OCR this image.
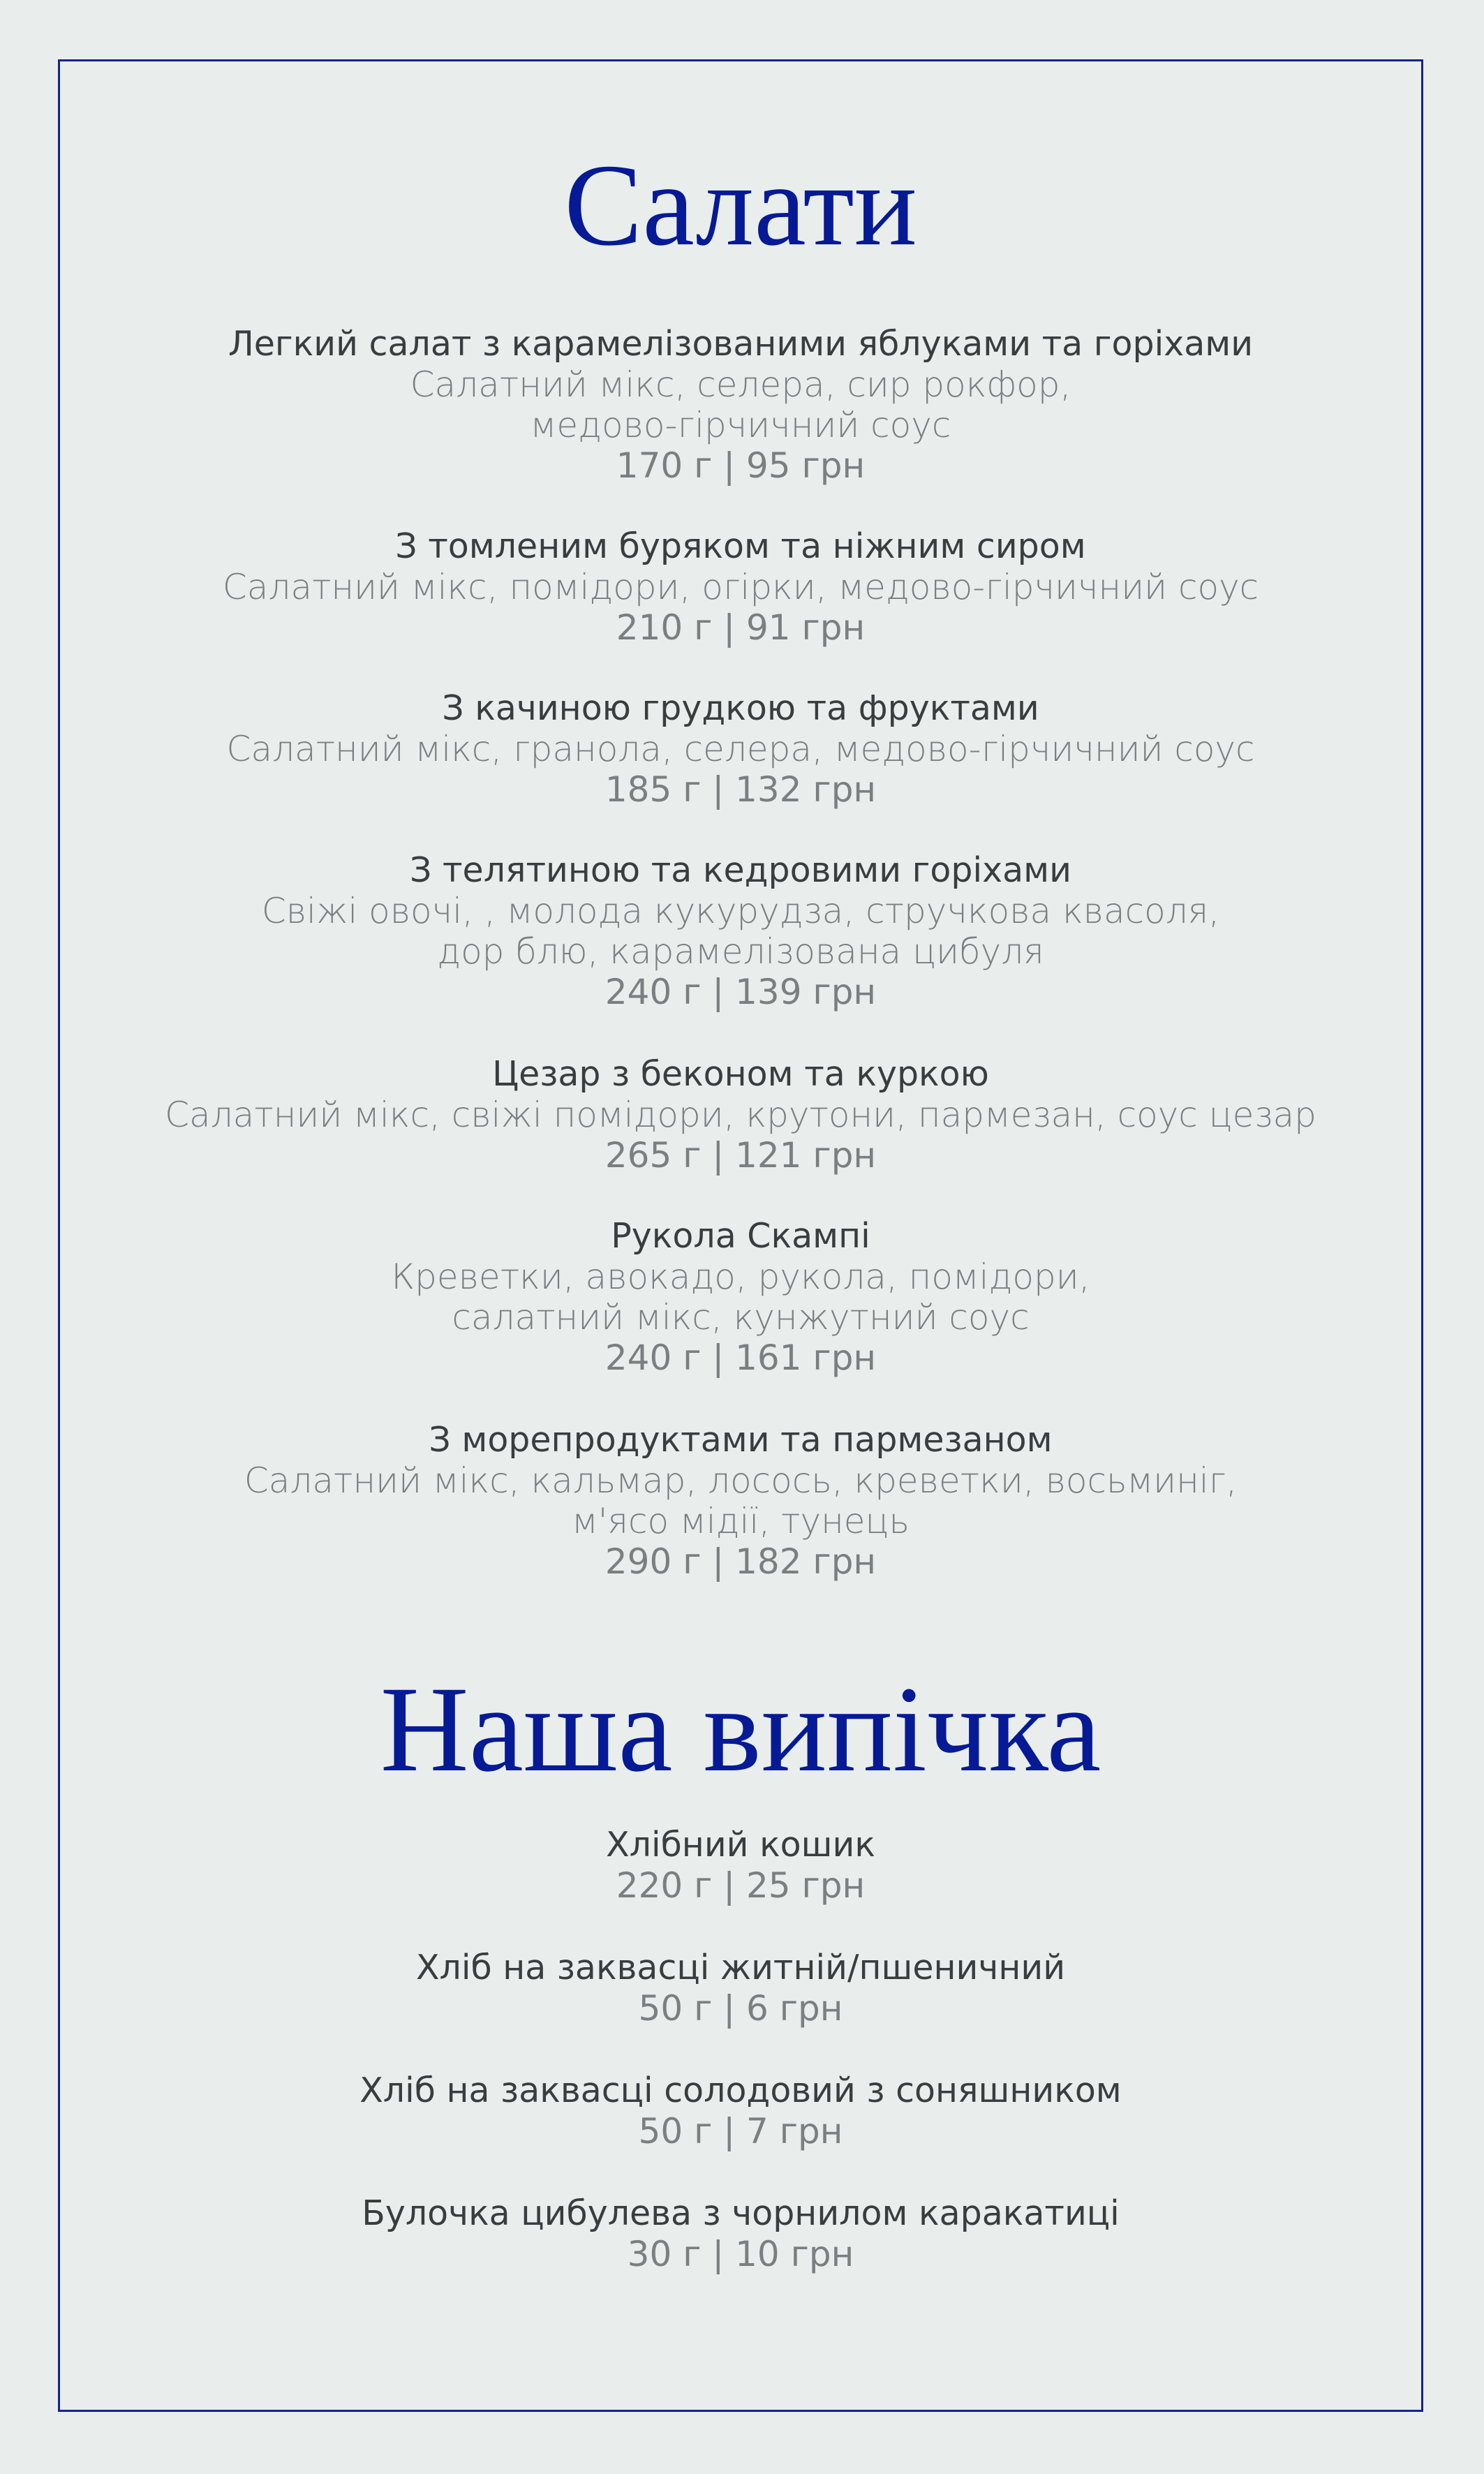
Салати
Легкий салат з карамелізованими яблуками та горіхами
Салатний мікс, селера, сир рокфор,
медово-гірчичний соус
170 г | 95 грн
З томленим буряком та ніжним сиром
Салатний мікс, помідори, огірки, медово-гірчичний соус
210 г | 91 грн
З качиною грудкою та фруктами
Салатний мікс, гранола, селера, медово-гірчичний соус
185 г | 132 грн
З телятиною та кедровими горіхами
Свіжі овочі, , молода кукурудза, стручкова квасоля,
дор блю, карамелізована цибуля
240 г | 139 грн
Цезар з беконом та куркою
Салатний мікс, свіжі помідори, крутони, пармезан, соус цезар
265 г | 121 грн
Рукола Скампі
Креветки, авокадо, рукола, помідори,
салатний мікс, кунжутний соус
240 г | 161 грн
З морепродуктами та пармезаном
Салатний мікс, кальмар, лосось, креветки, восьминіг,
м'ясо мідії, тунець
290 г | 182 грн
Наша випічка
Хлібний кошик
220 г | 25 грн
Хліб на заквасці житній/пшеничний
50 г | 6 грн
Хліб на заквасці солодовий з соняшником
50 г | 7 грн
Булочка цибулева з чорнилом каракатиці
30 г | 10 грн
